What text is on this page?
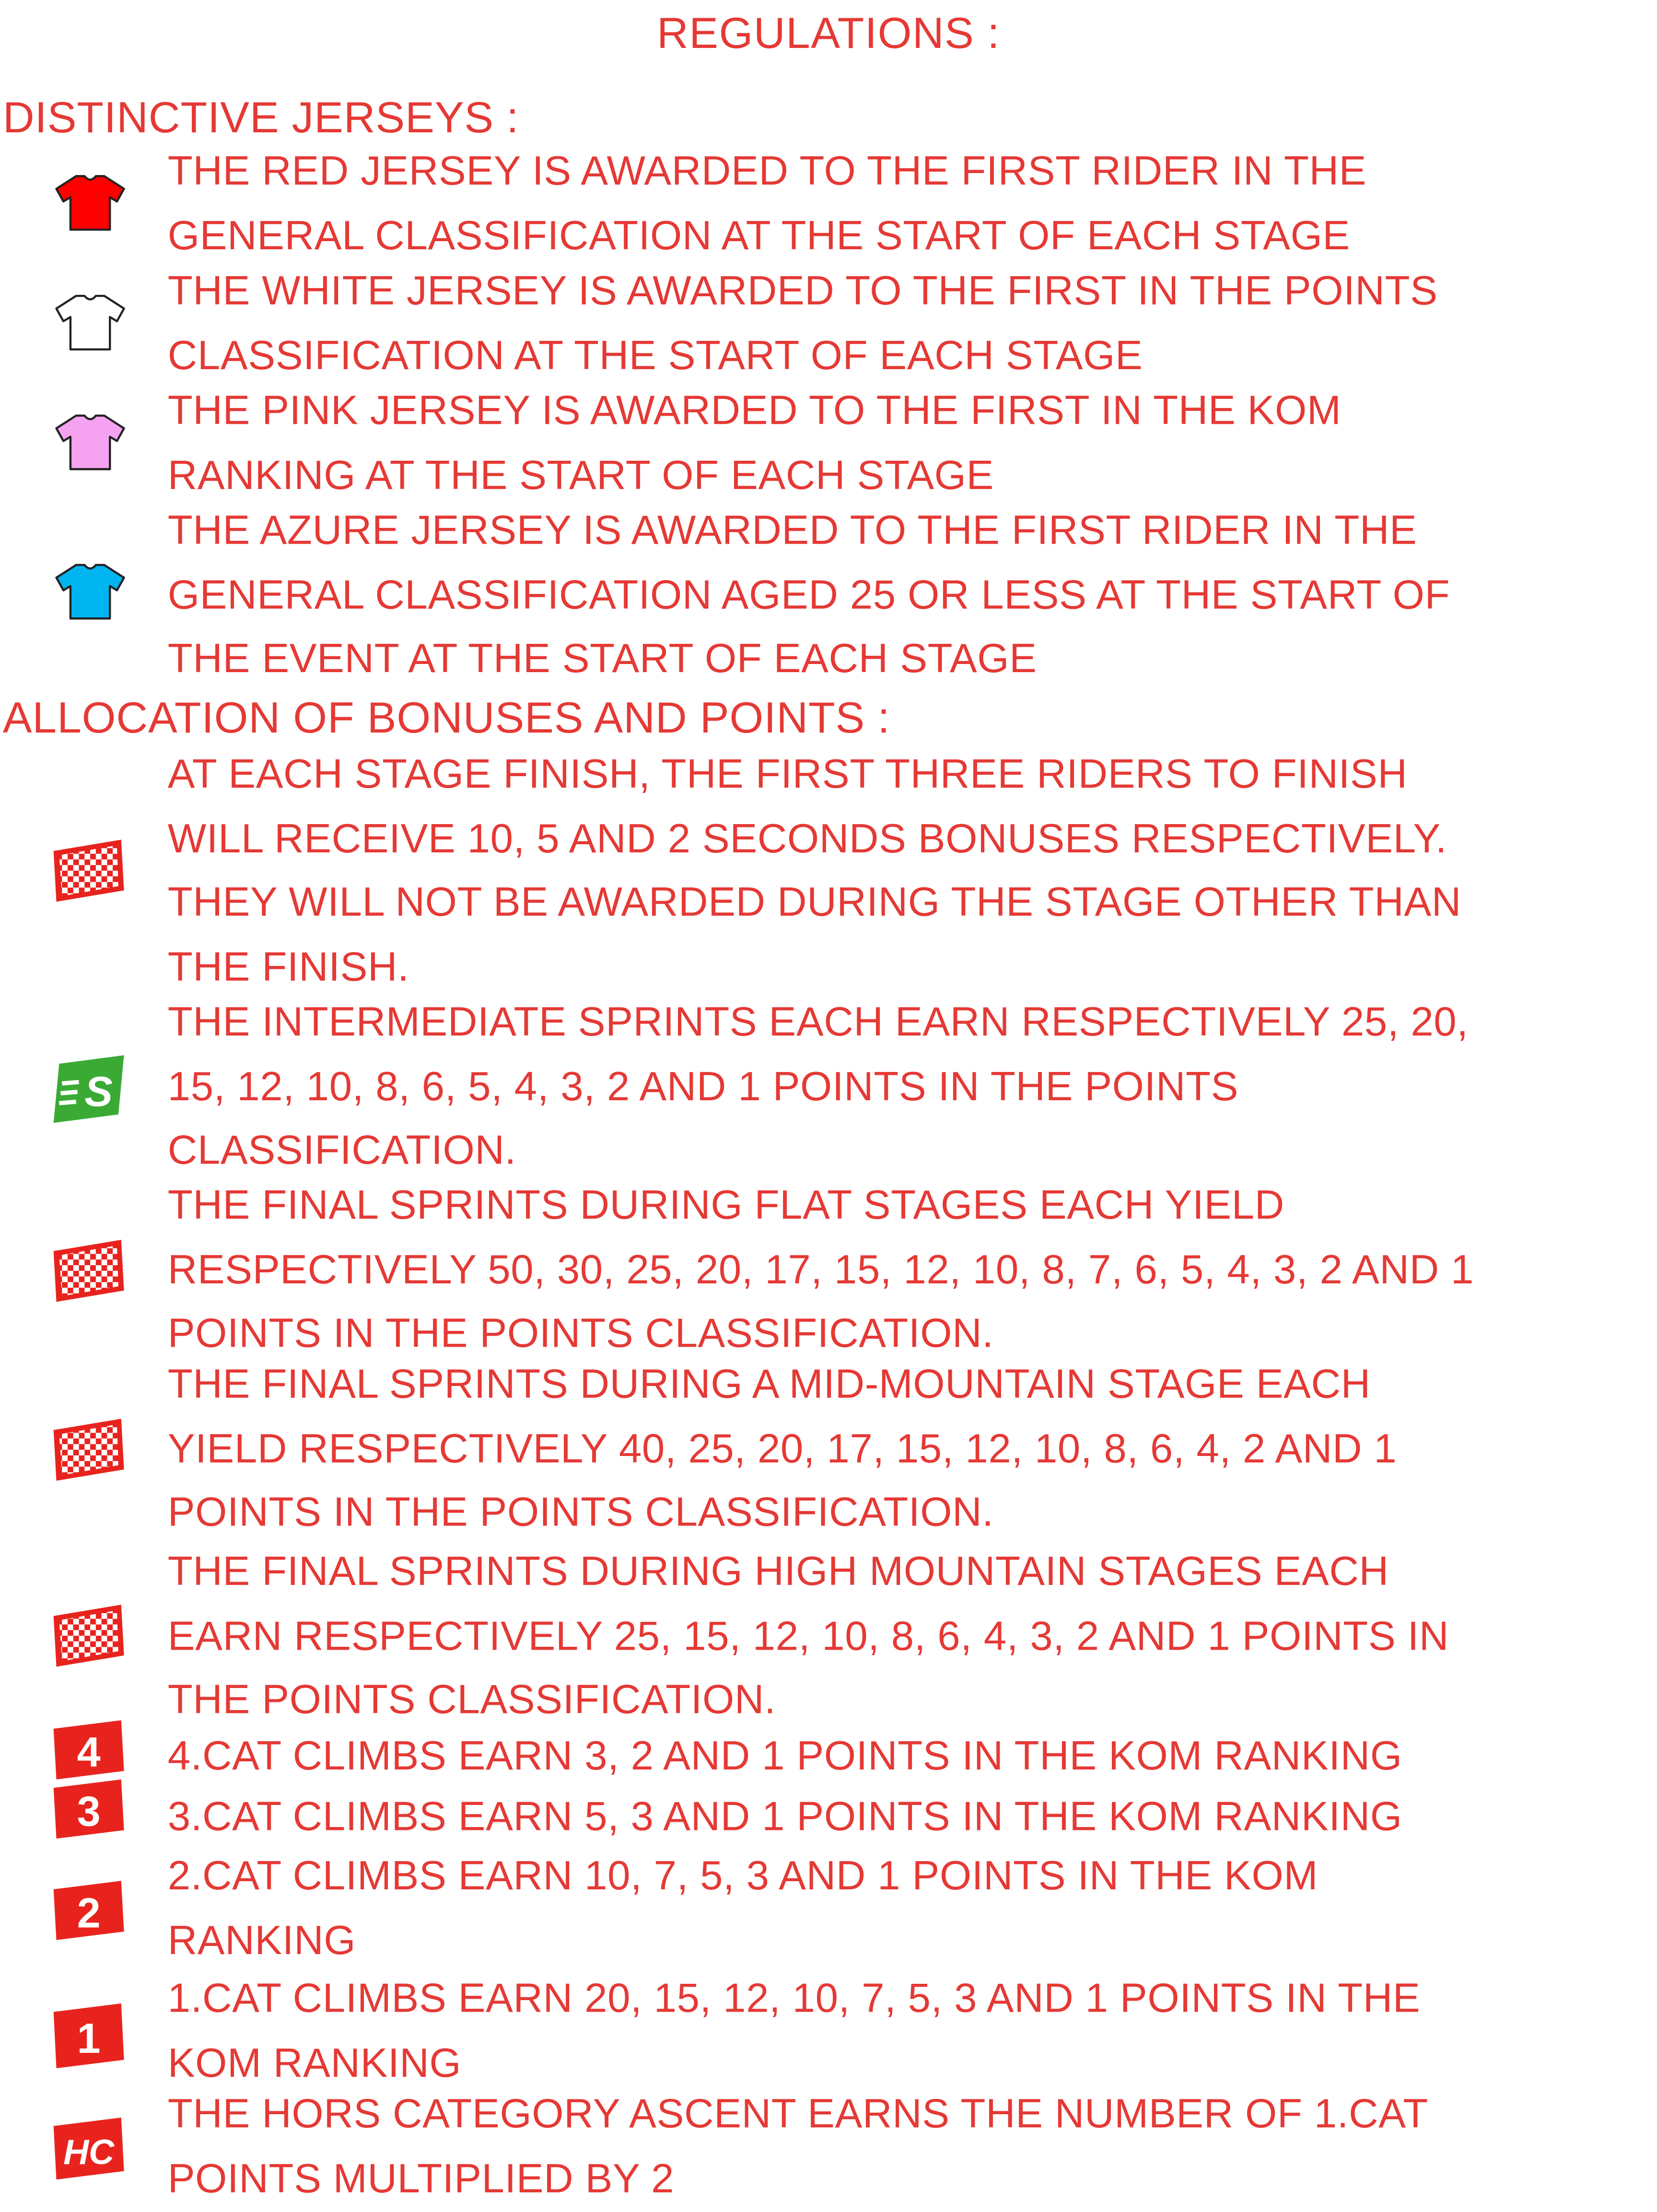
REGULATIONS :
DISTINCTIVE JERSEYS :
THE RED JERSEY IS AWARDED TO THE FIRST RIDER IN THE
GENERAL CLASSIFICATION AT THE START OF EACH STAGE
THE WHITE JERSEY IS AWARDED TO THE FIRST IN THE POINTS
CLASSIFICATION AT THE START OF EACH STAGE
THE PINK JERSEY IS AWARDED TO THE FIRST IN THE KOM
RANKING AT THE START OF EACH STAGE
THE AZURE JERSEY IS AWARDED TO THE FIRST RIDER IN THE
GENERAL CLASSIFICATION AGED 25 OR LESS AT THE START OF
THE EVENT AT THE START OF EACH STAGE
ALLOCATION OF BONUSES AND POINTS :
AT EACH STAGE FINISH, THE FIRST THREE RIDERS TO FINISH
WILL RECEIVE 10, 5 AND 2 SECONDS BONUSES RESPECTIVELY.
THEY WILL NOT BE AWARDED DURING THE STAGE OTHER THAN
THE FINISH.
S
THE INTERMEDIATE SPRINTS EACH EARN RESPECTIVELY 25, 20,
15, 12, 10, 8, 6, 5, 4, 3, 2 AND 1 POINTS IN THE POINTS
CLASSIFICATION.
THE FINAL SPRINTS DURING FLAT STAGES EACH YIELD
RESPECTIVELY 50, 30, 25, 20, 17, 15, 12, 10, 8, 7, 6, 5, 4, 3, 2 AND 1
POINTS IN THE POINTS CLASSIFICATION.
THE FINAL SPRINTS DURING A MID-MOUNTAIN STAGE EACH
YIELD RESPECTIVELY 40, 25, 20, 17, 15, 12, 10, 8, 6, 4, 2 AND 1
POINTS IN THE POINTS CLASSIFICATION.
THE FINAL SPRINTS DURING HIGH MOUNTAIN STAGES EACH
EARN RESPECTIVELY 25, 15, 12, 10, 8, 6, 4, 3, 2 AND 1 POINTS IN
THE POINTS CLASSIFICATION.
4	4.CAT CLIMBS EARN 3, 2 AND 1 POINTS IN THE KOM RANKING
3	3.CAT CLIMBS EARN 5, 3 AND 1 POINTS IN THE KOM RANKING
2
2.CAT CLIMBS EARN 10, 7, 5, 3 AND 1 POINTS IN THE KOM
RANKING
1
1.CAT CLIMBS EARN 20, 15, 12, 10, 7, 5, 3 AND 1 POINTS IN THE
KOM RANKING
HC
THE HORS CATEGORY ASCENT EARNS THE NUMBER OF 1.CAT
POINTS MULTIPLIED BY 2
